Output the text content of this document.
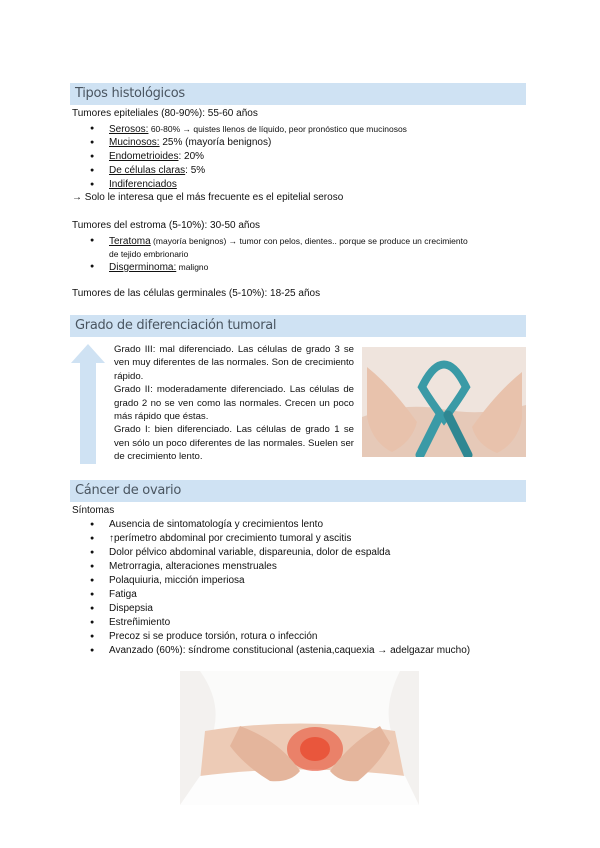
Tipos histológicos
Tumores epiteliales (80-90%): 55-60 años
● Serosos: 60-80% → quistes llenos de líquido, peor pronóstico que mucinosos
● Mucinosos: 25% (mayoría benignos)
● Endometrioides: 20%
● De células claras: 5%
● Indiferenciados
→ Solo le interesa que el más frecuente es el epitelial seroso
Tumores del estroma (5-10%): 30-50 años
● Teratoma (mayoría benignos) → tumor con pelos, dientes.. porque se produce un crecimiento
de tejido embrionario
● Disgerminoma: maligno
Tumores de las células germinales (5-10%): 18-25 años
Grado de diferenciación tumoral

Grado III: mal diferenciado. Las células de grado 3 se ven muy diferentes de las normales. Son de crecimiento rápido.

Grado II: moderadamente diferenciado. Las células de grado 2 no se ven como las normales. Crecen un poco más rápido que éstas.

Grado I: bien diferenciado. Las células de grado 1 se ven sólo un poco diferentes de las normales. Suelen ser de crecimiento lento.

Cáncer de ovario
Síntomas
● Ausencia de sintomatología y crecimientos lento
● ↑perímetro abdominal por crecimiento tumoral y ascitis
● Dolor pélvico abdominal variable, dispareunia, dolor de espalda
● Metrorragia, alteraciones menstruales
● Polaquiuria, micción imperiosa
● Fatiga
● Dispepsia
● Estreñimiento
● Precoz si se produce torsión, rotura o infección
● Avanzado (60%): síndrome constitucional (astenia,caquexia → adelgazar mucho)
